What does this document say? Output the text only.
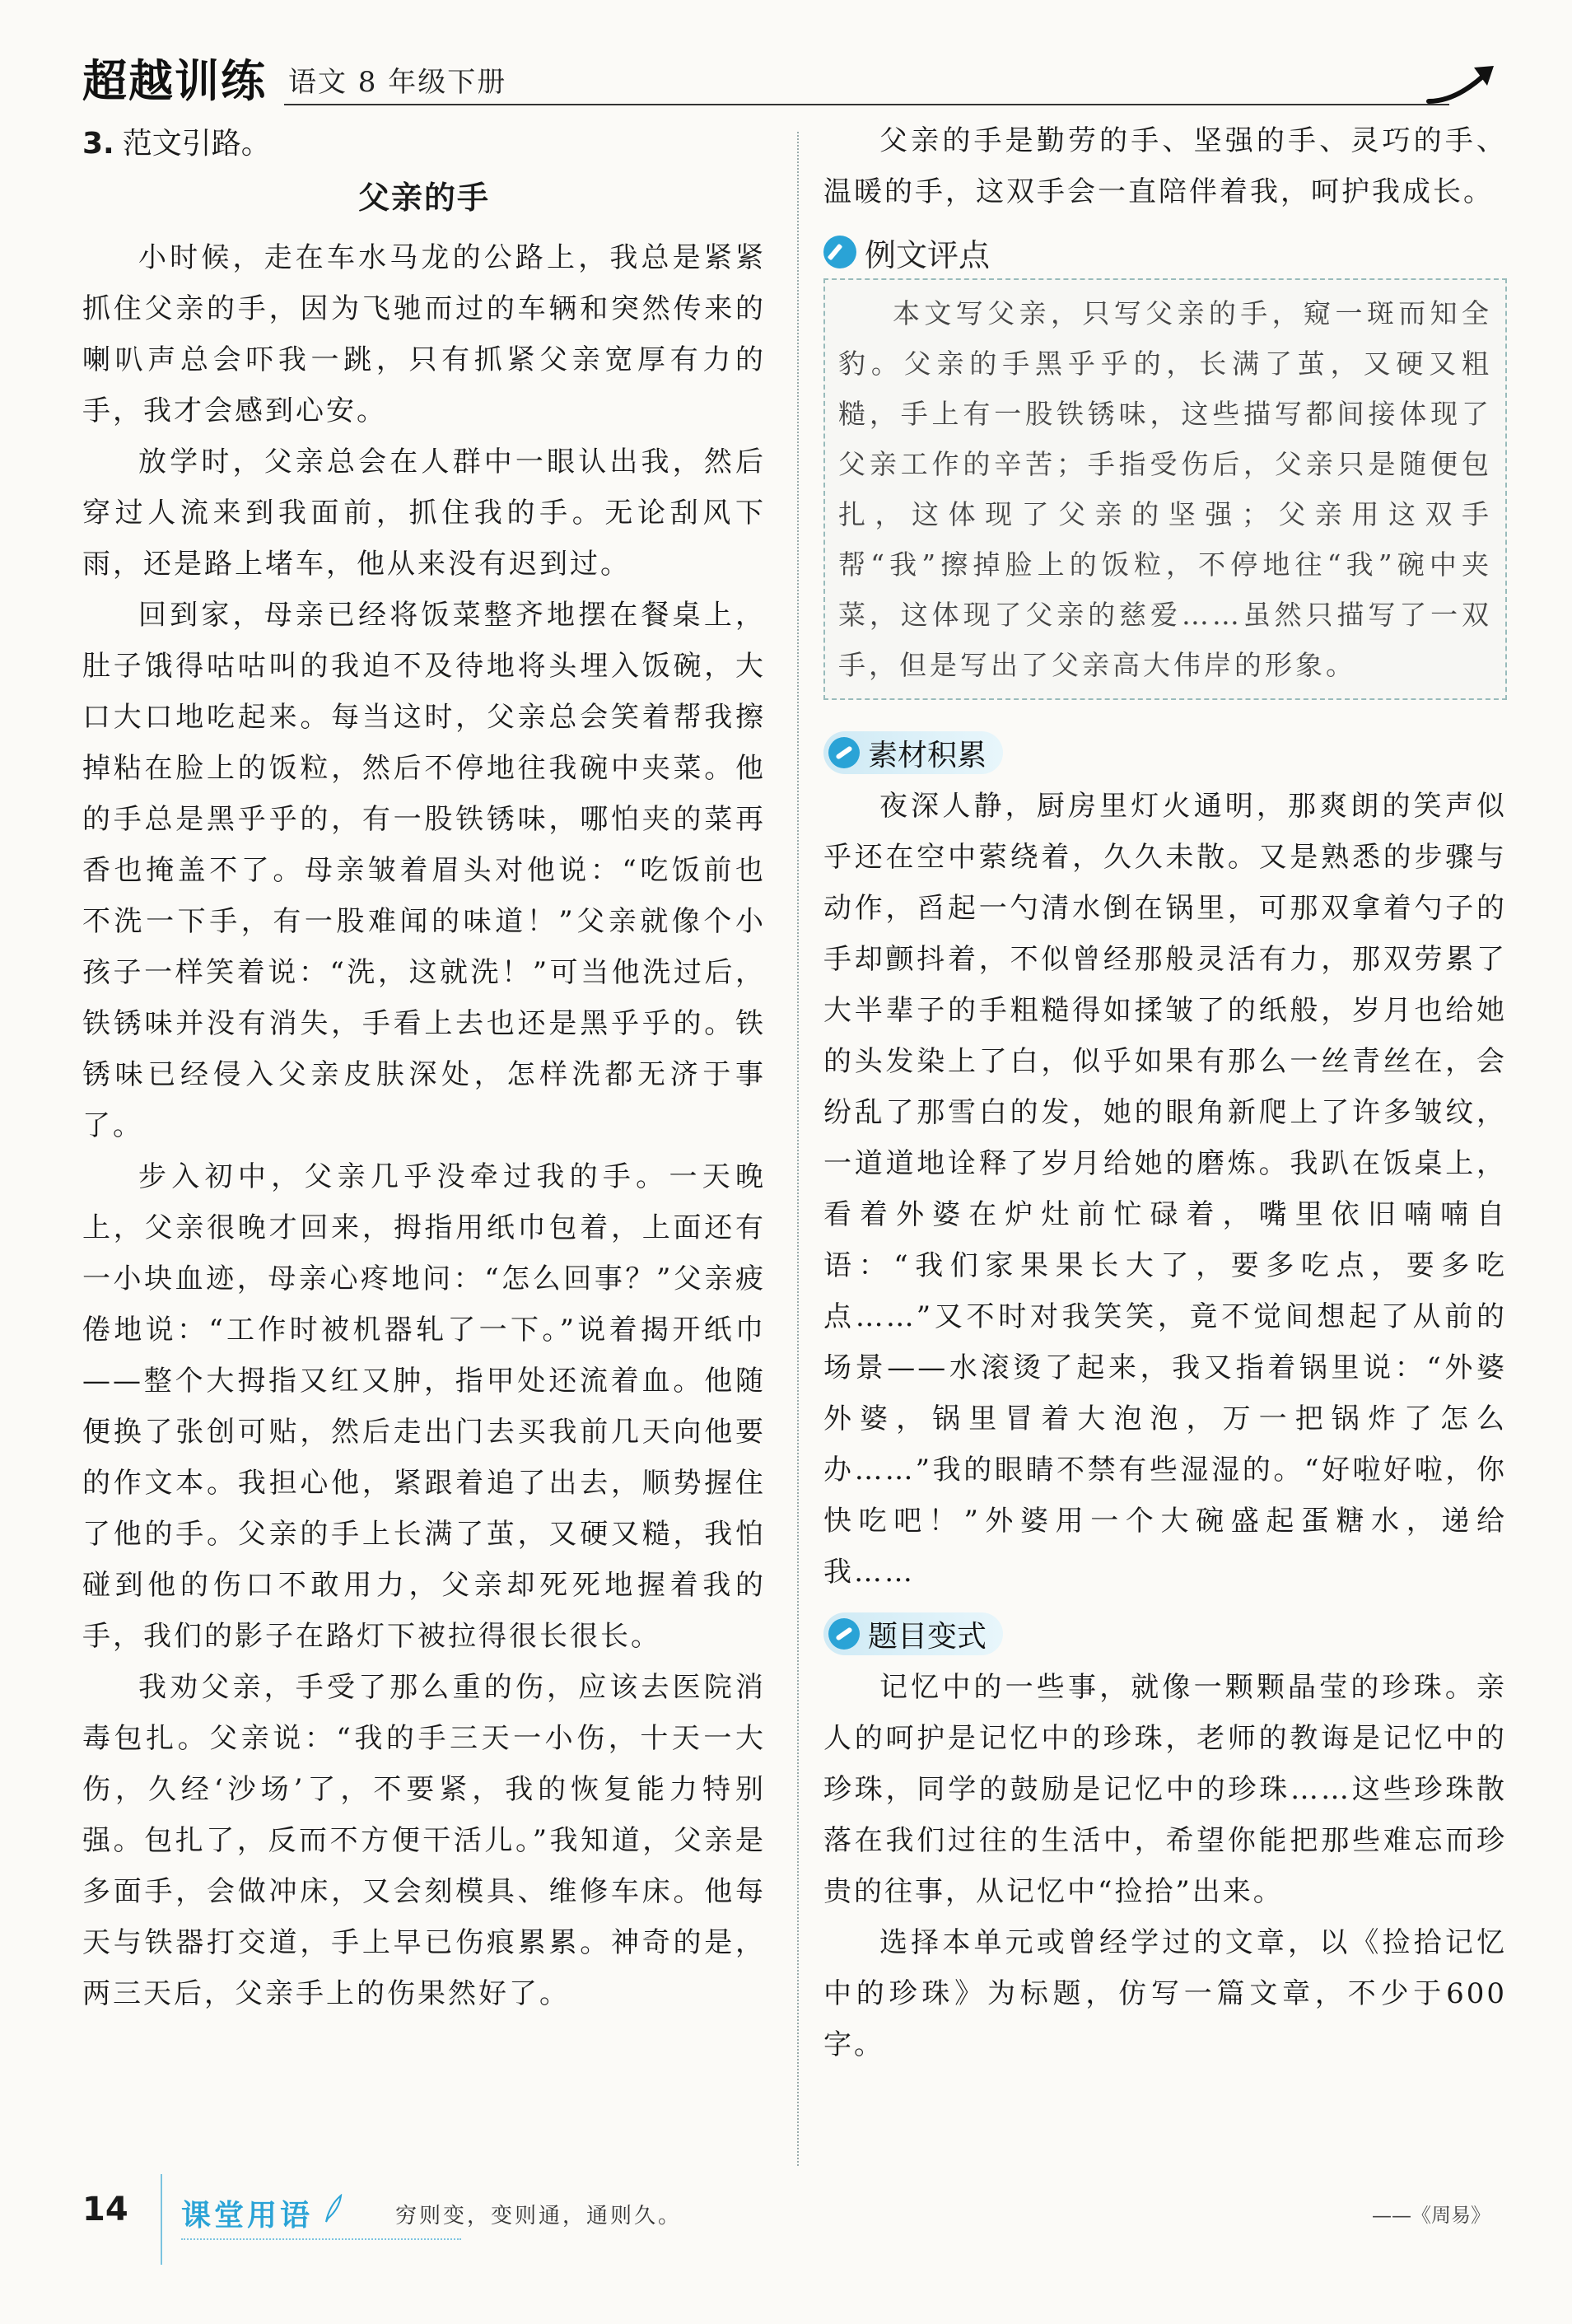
超越训练 语文 8 年级下册
3. 范文引路。
父亲的手

小时候，走在车水马龙的公路上，我总是紧紧抓住父亲的手，因为飞驰而过的车辆和突然传来的喇叭声总会吓我一跳，只有抓紧父亲宽厚有力的手，我才会感到心安。

放学时，父亲总会在人群中一眼认出我，然后穿过人流来到我面前，抓住我的手。无论刮风下雨，还是路上堵车，他从来没有迟到过。

回到家，母亲已经将饭菜整齐地摆在餐桌上，肚子饿得咕咕叫的我迫不及待地将头埋入饭碗，大口大口地吃起来。每当这时，父亲总会笑着帮我擦掉粘在脸上的饭粒，然后不停地往我碗中夹菜。他的手总是黑乎乎的，有一股铁锈味，哪怕夹的菜再香也掩盖不了。母亲皱着眉头对他说：“吃饭前也不洗一下手，有一股难闻的味道！”父亲就像个小孩子一样笑着说：“洗，这就洗！”可当他洗过后，铁锈味并没有消失，手看上去也还是黑乎乎的。铁锈味已经侵入父亲皮肤深处，怎样洗都无济于事了。

步入初中，父亲几乎没牵过我的手。一天晚上，父亲很晚才回来，拇指用纸巾包着，上面还有一小块血迹，母亲心疼地问：“怎么回事？”父亲疲倦地说：“工作时被机器轧了一下。”说着揭开纸巾——整个大拇指又红又肿，指甲处还流着血。他随便换了张创可贴，然后走出门去买我前几天向他要的作文本。我担心他，紧跟着追了出去，顺势握住了他的手。父亲的手上长满了茧，又硬又糙，我怕碰到他的伤口不敢用力，父亲却死死地握着我的手，我们的影子在路灯下被拉得很长很长。

我劝父亲，手受了那么重的伤，应该去医院消毒包扎。父亲说：“我的手三天一小伤，十天一大伤，久经‘沙场’了，不要紧，我的恢复能力特别强。包扎了，反而不方便干活儿。”我知道，父亲是多面手，会做冲床，又会刻模具、维修车床。他每天与铁器打交道，手上早已伤痕累累。神奇的是，两三天后，父亲手上的伤果然好了。

父亲的手是勤劳的手、坚强的手、灵巧的手、温暖的手，这双手会一直陪伴着我，呵护我成长。

例文评点

本文写父亲，只写父亲的手，窥一斑而知全豹。父亲的手黑乎乎的，长满了茧，又硬又粗糙，手上有一股铁锈味，这些描写都间接体现了父亲工作的辛苦；手指受伤后，父亲只是随便包扎，这体现了父亲的坚强；父亲用这双手帮“我”擦掉脸上的饭粒，不停地往“我”碗中夹菜，这体现了父亲的慈爱……虽然只描写了一双手，但是写出了父亲高大伟岸的形象。

素材积累

夜深人静，厨房里灯火通明，那爽朗的笑声似乎还在空中萦绕着，久久未散。又是熟悉的步骤与动作，舀起一勺清水倒在锅里，可那双拿着勺子的手却颤抖着，不似曾经那般灵活有力，那双劳累了大半辈子的手粗糙得如揉皱了的纸般，岁月也给她的头发染上了白，似乎如果有那么一丝青丝在，会纷乱了那雪白的发，她的眼角新爬上了许多皱纹，一道道地诠释了岁月给她的磨炼。我趴在饭桌上，看着外婆在炉灶前忙碌着，嘴里依旧喃喃自语：“我们家果果长大了，要多吃点，要多吃点……”又不时对我笑笑，竟不觉间想起了从前的场景——水滚烫了起来，我又指着锅里说：“外婆外婆，锅里冒着大泡泡，万一把锅炸了怎么办……”我的眼睛不禁有些湿湿的。“好啦好啦，你快吃吧！”外婆用一个大碗盛起蛋糖水，递给我……

题目变式

记忆中的一些事，就像一颗颗晶莹的珍珠。亲人的呵护是记忆中的珍珠，老师的教诲是记忆中的珍珠，同学的鼓励是记忆中的珍珠……这些珍珠散落在我们过往的生活中，希望你能把那些难忘而珍贵的往事，从记忆中“捡拾”出来。

选择本单元或曾经学过的文章，以《捡拾记忆中的珍珠》为标题，仿写一篇文章，不少于600字。

14 课堂用语	穷则变，变则通，通则久。	——《周易》
